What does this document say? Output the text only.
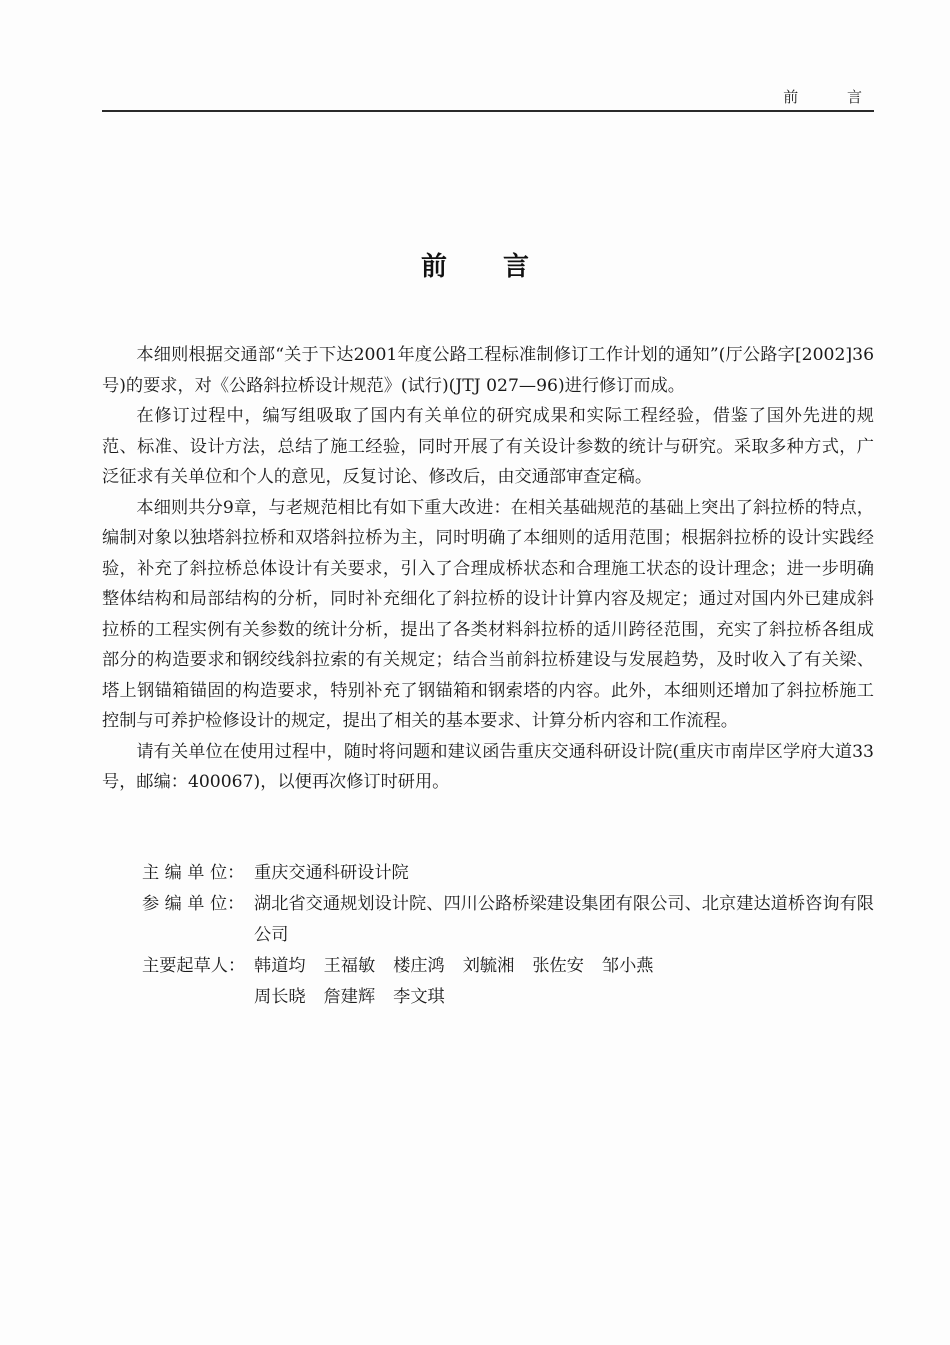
前 言
前言

本细则根据交通部“关于下达2001年度公路工程标准制修订工作计划的通知”(厅公路字[2002]36号)的要求，对《公路斜拉桥设计规范》(试行)(JTJ 027—96)进行修订而成。

在修订过程中，编写组吸取了国内有关单位的研究成果和实际工程经验，借鉴了国外先进的规范、标准、设计方法，总结了施工经验，同时开展了有关设计参数的统计与研究。采取多种方式，广泛征求有关单位和个人的意见，反复讨论、修改后，由交通部审查定稿。

本细则共分9章，与老规范相比有如下重大改进：在相关基础规范的基础上突出了斜拉桥的特点，编制对象以独塔斜拉桥和双塔斜拉桥为主，同时明确了本细则的适用范围；根据斜拉桥的设计实践经验，补充了斜拉桥总体设计有关要求，引入了合理成桥状态和合理施工状态的设计理念；进一步明确整体结构和局部结构的分析，同时补充细化了斜拉桥的设计计算内容及规定；通过对国内外已建成斜拉桥的工程实例有关参数的统计分析，提出了各类材料斜拉桥的适川跨径范围，充实了斜拉桥各组成部分的构造要求和钢绞线斜拉索的有关规定；结合当前斜拉桥建设与发展趋势，及时收入了有关梁、塔上钢锚箱锚固的构造要求，特别补充了钢锚箱和钢索塔的内容。此外，本细则还增加了斜拉桥施工控制与可养护检修设计的规定，提出了相关的基本要求、计算分析内容和工作流程。

请有关单位在使用过程中，随时将问题和建议函告重庆交通科研设计院(重庆市南岸区学府大道33号，邮编：400067)，以便再次修订时研用。

主 编 单 位： 重庆交通科研设计院
参 编 单 位： 湖北省交通规划设计院、四川公路桥梁建设集团有限公司、北京建达道桥咨询有限公司
主要起草人： 韩道均 王福敏 楼庄鸿 刘毓湘 张佐安 邹小燕
周长晓 詹建辉 李文琪
